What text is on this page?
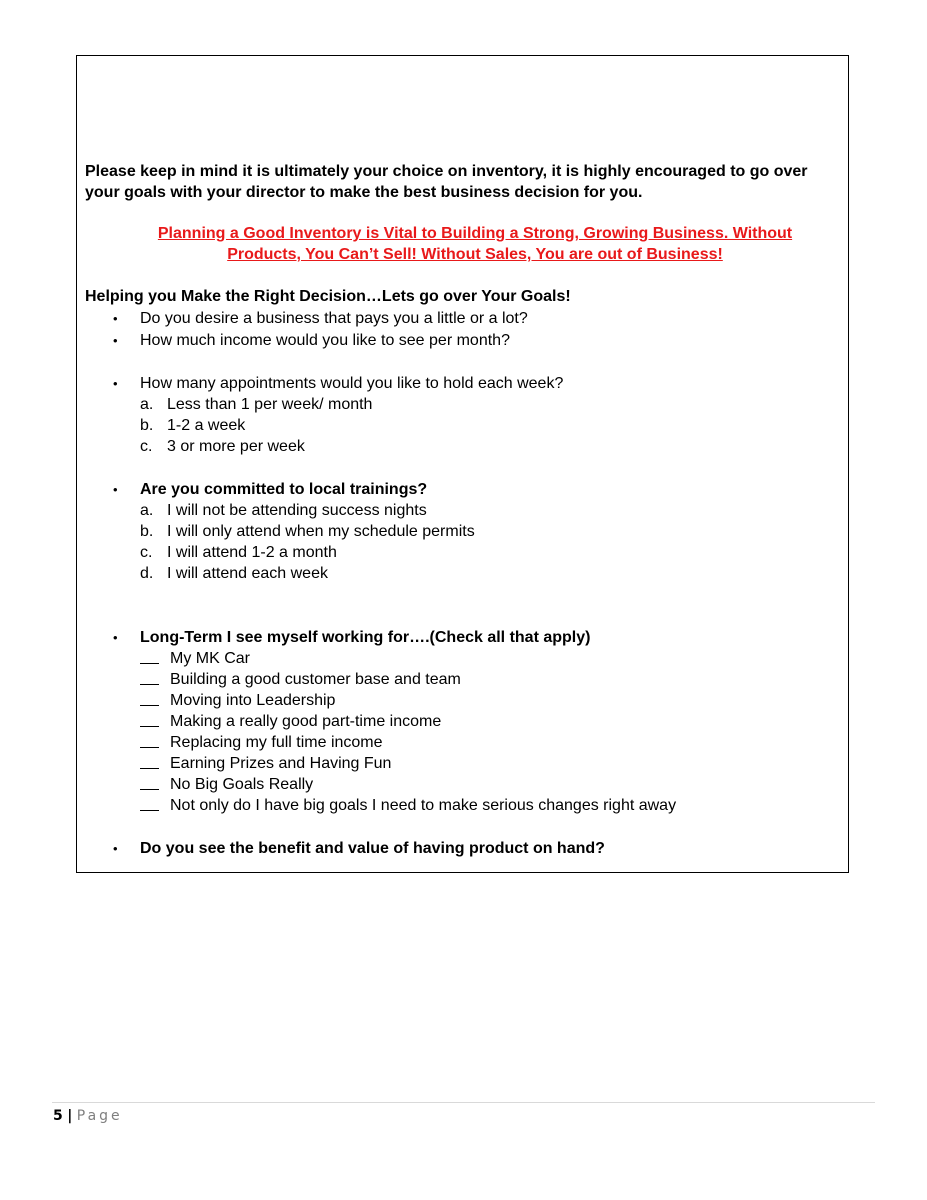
Please keep in mind it is ultimately your choice on inventory, it is highly encouraged to go over your goals with your director to make the best business decision for you.
Planning a Good Inventory is Vital to Building a Strong, Growing Business. Without
Products, You Can’t Sell! Without Sales, You are out of Business!
Helping you Make the Right Decision…Lets go over Your Goals!
• Do you desire a business that pays you a little or a lot?
• How much income would you like to see per month?
• How many appointments would you like to hold each week?
a. Less than 1 per week/ month
b. 1-2 a week
c. 3 or more per week
• Are you committed to local trainings?
a. I will not be attending success nights
b. I will only attend when my schedule permits
c. I will attend 1-2 a month
d. I will attend each week
• Long-Term I see myself working for….(Check all that apply)
My MK Car
Building a good customer base and team
Moving into Leadership
Making a really good part-time income
Replacing my full time income
Earning Prizes and Having Fun
No Big Goals Really
Not only do I have big goals I need to make serious changes right away
• Do you see the benefit and value of having product on hand?
5 | Page
